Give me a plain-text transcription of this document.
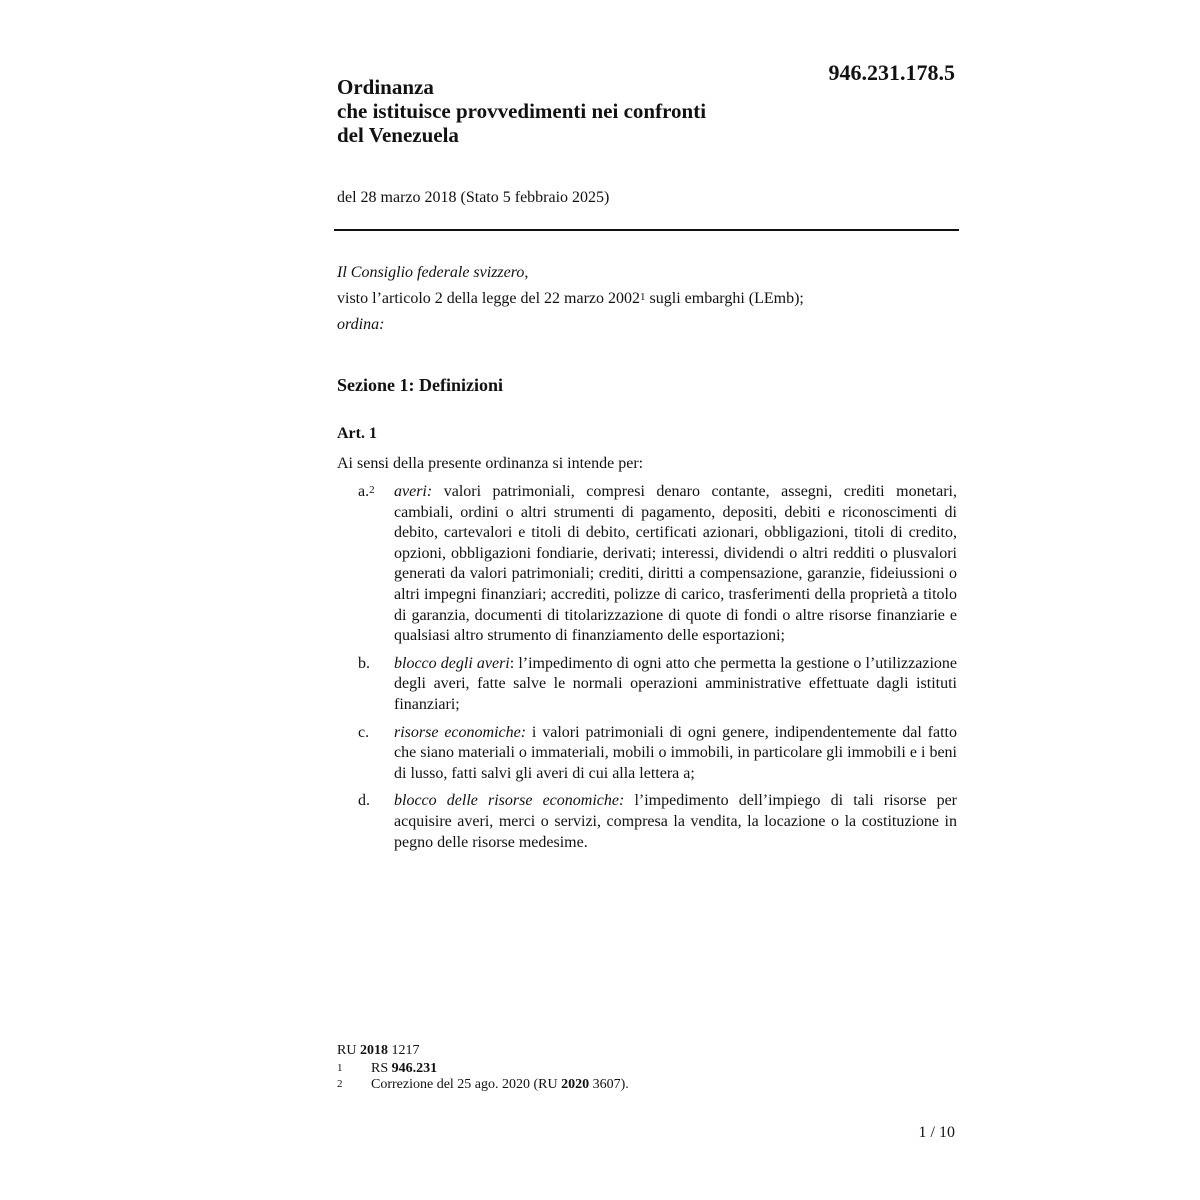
946.231.178.5
Ordinanza
che istituisce provvedimenti nei confronti
del Venezuela
del 28 marzo 2018 (Stato 5 febbraio 2025)
Il Consiglio federale svizzero,
visto l’articolo 2 della legge del 22 marzo 2002$^1$ sugli embarghi (LEmb);
ordina:
Sezione 1: Definizioni
Art. 1
Ai sensi della presente ordinanza si intende per:
a.$^2$	averi: valori patrimoniali, compresi denaro contante, assegni, crediti monetari, cambiali, ordini o altri strumenti di pagamento, depositi, debiti e riconoscimenti di debito, cartevalori e titoli di debito, certificati azionari, obbligazioni, titoli di credito, opzioni, obbligazioni fondiarie, derivati; interessi, dividendi o altri redditi o plusvalori generati da valori patrimoniali; crediti, diritti a compensazione, garanzie, fideiussioni o altri impegni finanziari; accrediti, polizze di carico, trasferimenti della proprietà a titolo di garanzia, documenti di titolarizzazione di quote di fondi o altre risorse finanziarie e qualsiasi altro strumento di finanziamento delle esportazioni;
b.	blocco degli averi: l’impedimento di ogni atto che permetta la gestione o l’utilizzazione degli averi, fatte salve le normali operazioni amministrative effettuate dagli istituti finanziari;
c.	risorse economiche: i valori patrimoniali di ogni genere, indipendentemente dal fatto che siano materiali o immateriali, mobili o immobili, in particolare gli immobili e i beni di lusso, fatti salvi gli averi di cui alla lettera a;
d.	blocco delle risorse economiche: l’impedimento dell’impiego di tali risorse per acquisire averi, merci o servizi, compresa la vendita, la locazione o la costituzione in pegno delle risorse medesime.
RU 2018 1217
1	RS 946.231
2	Correzione del 25 ago. 2020 (RU 2020 3607).
1 / 10
